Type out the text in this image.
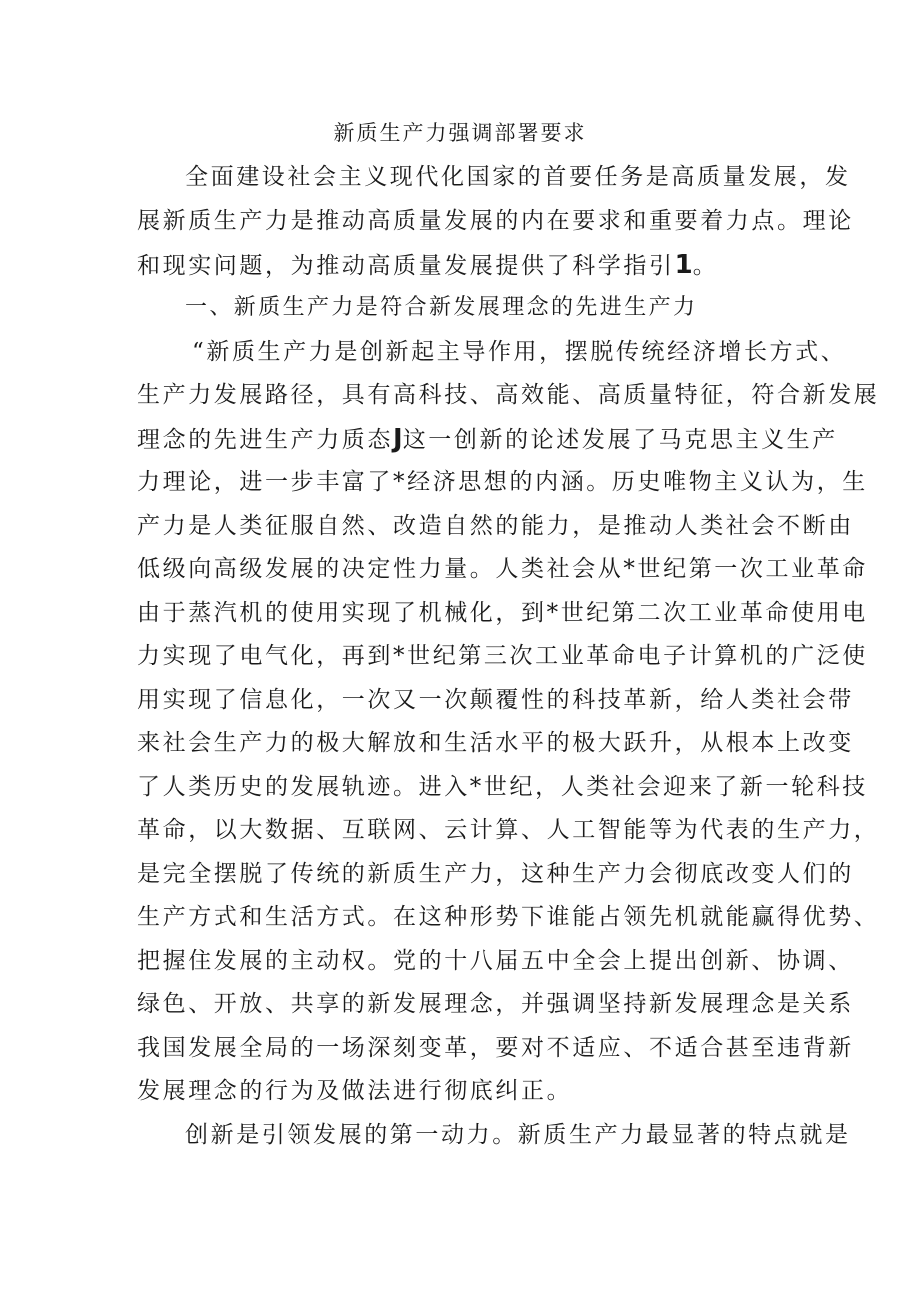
新质生产力强调部署要求
全面建设社会主义现代化国家的首要任务是高质量发展，发
展新质生产力是推动高质量发展的内在要求和重要着力点。理论
和现实问题，为推动高质量发展提供了科学指引1。
一、新质生产力是符合新发展理念的先进生产力
“新质生产力是创新起主导作用，摆脱传统经济增长方式、
生产力发展路径，具有高科技、高效能、高质量特征，符合新发展
理念的先进生产力质态J这一创新的论述发展了马克思主义生产
力理论，进一步丰富了*经济思想的内涵。历史唯物主义认为，生
产力是人类征服自然、改造自然的能力，是推动人类社会不断由
低级向高级发展的决定性力量。人类社会从*世纪第一次工业革命
由于蒸汽机的使用实现了机械化，到*世纪第二次工业革命使用电
力实现了电气化，再到*世纪第三次工业革命电子计算机的广泛使
用实现了信息化，一次又一次颠覆性的科技革新，给人类社会带
来社会生产力的极大解放和生活水平的极大跃升，从根本上改变
了人类历史的发展轨迹。进入*世纪，人类社会迎来了新一轮科技
革命，以大数据、互联网、云计算、人工智能等为代表的生产力，
是完全摆脱了传统的新质生产力，这种生产力会彻底改变人们的
生产方式和生活方式。在这种形势下谁能占领先机就能赢得优势、
把握住发展的主动权。党的十八届五中全会上提出创新、协调、
绿色、开放、共享的新发展理念，并强调坚持新发展理念是关系
我国发展全局的一场深刻变革，要对不适应、不适合甚至违背新
发展理念的行为及做法进行彻底纠正。
创新是引领发展的第一动力。新质生产力最显著的特点就是
